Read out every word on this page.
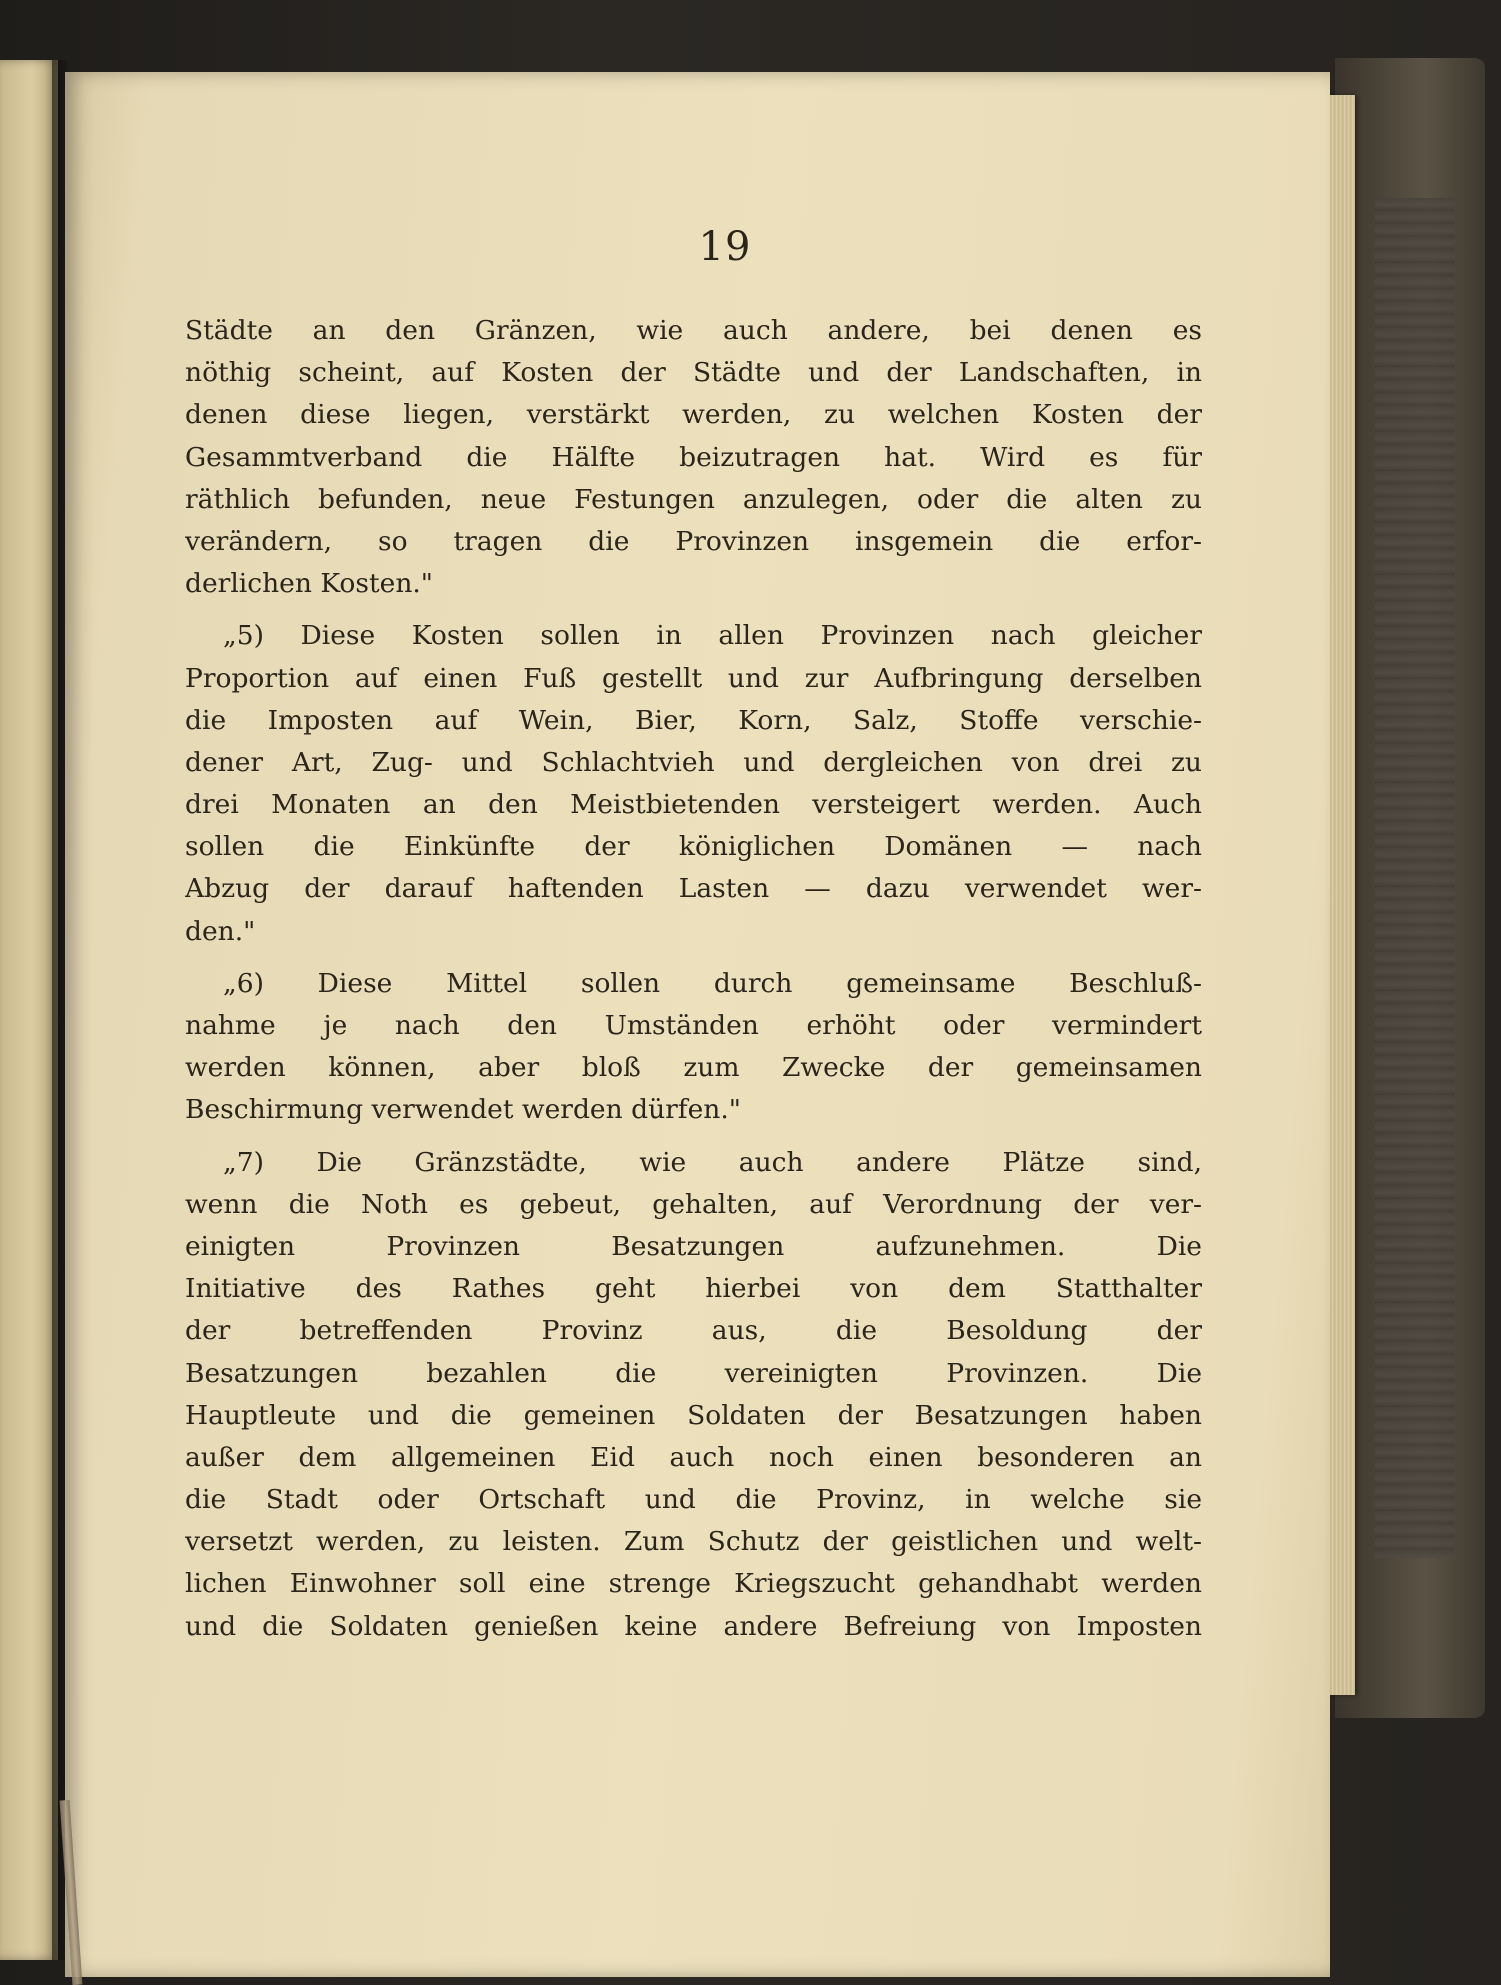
19
Städte an den Gränzen, wie auch andere, bei denen es
nöthig scheint, auf Kosten der Städte und der Landschaften, in
denen diese liegen, verstärkt werden, zu welchen Kosten der
Gesammtverband die Hälfte beizutragen hat. Wird es für
räthlich befunden, neue Festungen anzulegen, oder die alten zu
verändern, so tragen die Provinzen insgemein die erfor-
derlichen Kosten."
„5) Diese Kosten sollen in allen Provinzen nach gleicher
Proportion auf einen Fuß gestellt und zur Aufbringung derselben
die Imposten auf Wein, Bier, Korn, Salz, Stoffe verschie-
dener Art, Zug- und Schlachtvieh und dergleichen von drei zu
drei Monaten an den Meistbietenden versteigert werden. Auch
sollen die Einkünfte der königlichen Domänen — nach
Abzug der darauf haftenden Lasten — dazu verwendet wer-
den."
„6) Diese Mittel sollen durch gemeinsame Beschluß-
nahme je nach den Umständen erhöht oder vermindert
werden können, aber bloß zum Zwecke der gemeinsamen
Beschirmung verwendet werden dürfen."
„7) Die Gränzstädte, wie auch andere Plätze sind,
wenn die Noth es gebeut, gehalten, auf Verordnung der ver-
einigten Provinzen Besatzungen aufzunehmen. Die
Initiative des Rathes geht hierbei von dem Statthalter
der betreffenden Provinz aus, die Besoldung der
Besatzungen bezahlen die vereinigten Provinzen. Die
Hauptleute und die gemeinen Soldaten der Besatzungen haben
außer dem allgemeinen Eid auch noch einen besonderen an
die Stadt oder Ortschaft und die Provinz, in welche sie
versetzt werden, zu leisten. Zum Schutz der geistlichen und welt-
lichen Einwohner soll eine strenge Kriegszucht gehandhabt werden
und die Soldaten genießen keine andere Befreiung von Imposten
